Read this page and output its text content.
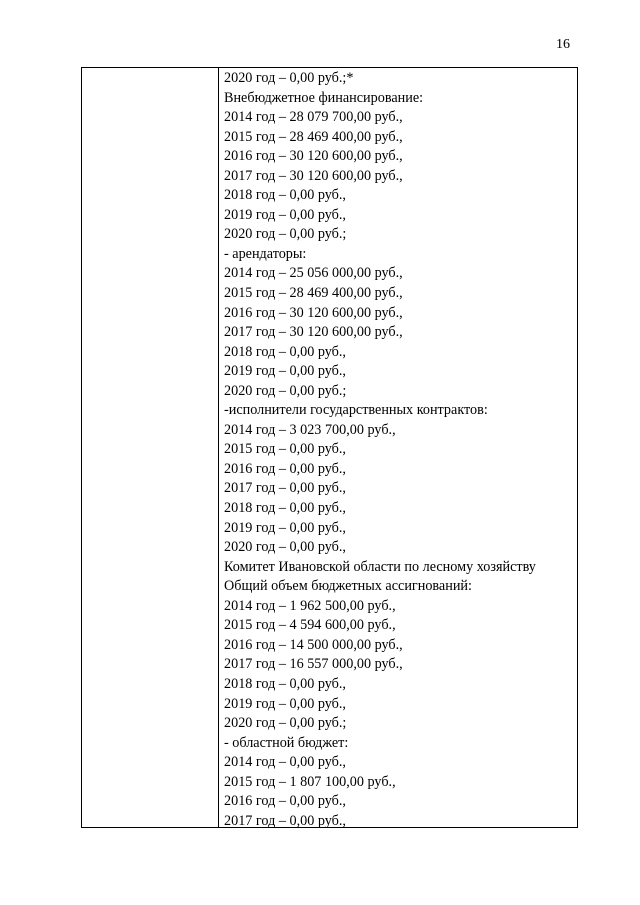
16
2020 год – 0,00 руб.;*
Внебюджетное финансирование:
2014 год – 28 079 700,00 руб.,
2015 год – 28 469 400,00 руб.,
2016 год – 30 120 600,00 руб.,
2017 год – 30 120 600,00 руб.,
2018 год – 0,00 руб.,
2019 год – 0,00 руб.,
2020 год – 0,00 руб.;
- арендаторы:
2014 год – 25 056 000,00 руб.,
2015 год – 28 469 400,00 руб.,
2016 год – 30 120 600,00 руб.,
2017 год – 30 120 600,00 руб.,
2018 год – 0,00 руб.,
2019 год – 0,00 руб.,
2020 год – 0,00 руб.;
-исполнители государственных контрактов:
2014 год – 3 023 700,00 руб.,
2015 год – 0,00 руб.,
2016 год – 0,00 руб.,
2017 год – 0,00 руб.,
2018 год – 0,00 руб.,
2019 год – 0,00 руб.,
2020 год – 0,00 руб.,
Комитет Ивановской области по лесному хозяйству
Общий объем бюджетных ассигнований:
2014 год – 1 962 500,00 руб.,
2015 год – 4 594 600,00 руб.,
2016 год – 14 500 000,00 руб.,
2017 год – 16 557 000,00 руб.,
2018 год – 0,00 руб.,
2019 год – 0,00 руб.,
2020 год – 0,00 руб.;
- областной бюджет:
2014 год – 0,00 руб.,
2015 год – 1 807 100,00 руб.,
2016 год – 0,00 руб.,
2017 год – 0,00 руб.,
